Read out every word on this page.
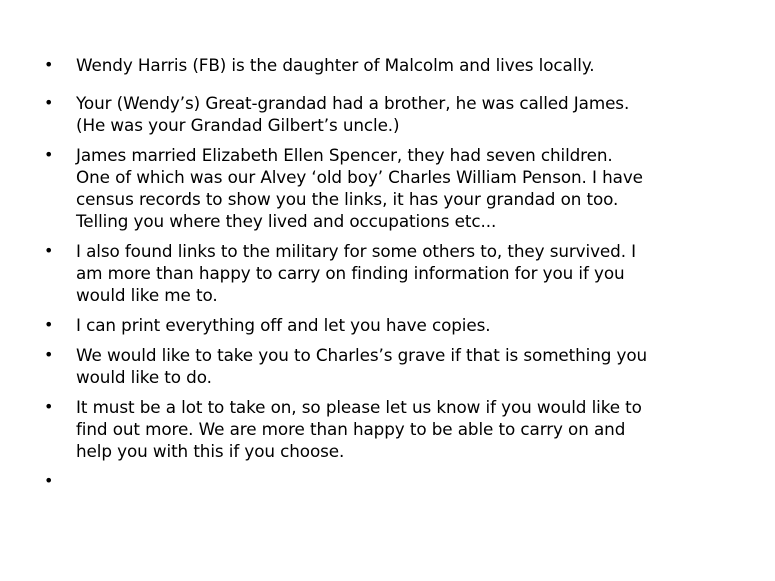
• Wendy Harris (FB) is the daughter of Malcolm and lives locally.
• Your (Wendy’s) Great-grandad had a brother, he was called James.
(He was your Grandad Gilbert’s uncle.)
• James married Elizabeth Ellen Spencer, they had seven children.
One of which was our Alvey ‘old boy’ Charles William Penson. I have
census records to show you the links, it has your grandad on too.
Telling you where they lived and occupations etc...
• I also found links to the military for some others to, they survived. I
am more than happy to carry on finding information for you if you
would like me to.
• I can print everything off and let you have copies.
• We would like to take you to Charles’s grave if that is something you
would like to do.
• It must be a lot to take on, so please let us know if you would like to
find out more. We are more than happy to be able to carry on and
help you with this if you choose.
•
